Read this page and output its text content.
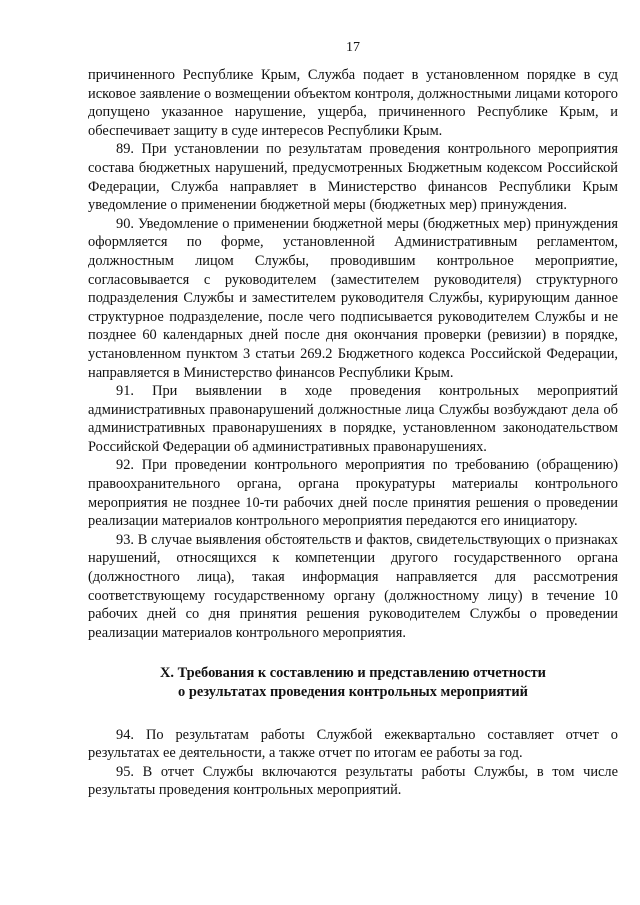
17

причиненного Республике Крым, Служба подает в установленном порядке в суд исковое заявление о возмещении объектом контроля, должностными лицами которого допущено указанное нарушение, ущерба, причиненного Республике Крым, и обеспечивает защиту в суде интересов Республики Крым.

89. При установлении по результатам проведения контрольного мероприятия состава бюджетных нарушений, предусмотренных Бюджетным кодексом Российской Федерации, Служба направляет в Министерство финансов Республики Крым уведомление о применении бюджетной меры (бюджетных мер) принуждения.

90. Уведомление о применении бюджетной меры (бюджетных мер) принуждения оформляется по форме, установленной Административным регламентом, должностным лицом Службы, проводившим контрольное мероприятие, согласовывается с руководителем (заместителем руководителя) структурного подразделения Службы и заместителем руководителя Службы, курирующим данное структурное подразделение, после чего подписывается руководителем Службы и не позднее 60 календарных дней после дня окончания проверки (ревизии) в порядке, установленном пунктом 3 статьи 269.2 Бюджетного кодекса Российской Федерации, направляется в Министерство финансов Республики Крым.

91. При выявлении в ходе проведения контрольных мероприятий административных правонарушений должностные лица Службы возбуждают дела об административных правонарушениях в порядке, установленном законодательством Российской Федерации об административных правонарушениях.

92. При проведении контрольного мероприятия по требованию (обращению) правоохранительного органа, органа прокуратуры материалы контрольного мероприятия не позднее 10-ти рабочих дней после принятия решения о проведении реализации материалов контрольного мероприятия передаются его инициатору.

93. В случае выявления обстоятельств и фактов, свидетельствующих о признаках нарушений, относящихся к компетенции другого государственного органа (должностного лица), такая информация направляется для рассмотрения соответствующему государственному органу (должностному лицу) в течение 10 рабочих дней со дня принятия решения руководителем Службы о проведении реализации материалов контрольного мероприятия.

X. Требования к составлению и представлению отчетности
о результатах проведения контрольных мероприятий

94. По результатам работы Службой ежеквартально составляет отчет о результатах ее деятельности, а также отчет по итогам ее работы за год.

95. В отчет Службы включаются результаты работы Службы, в том числе результаты проведения контрольных мероприятий.
